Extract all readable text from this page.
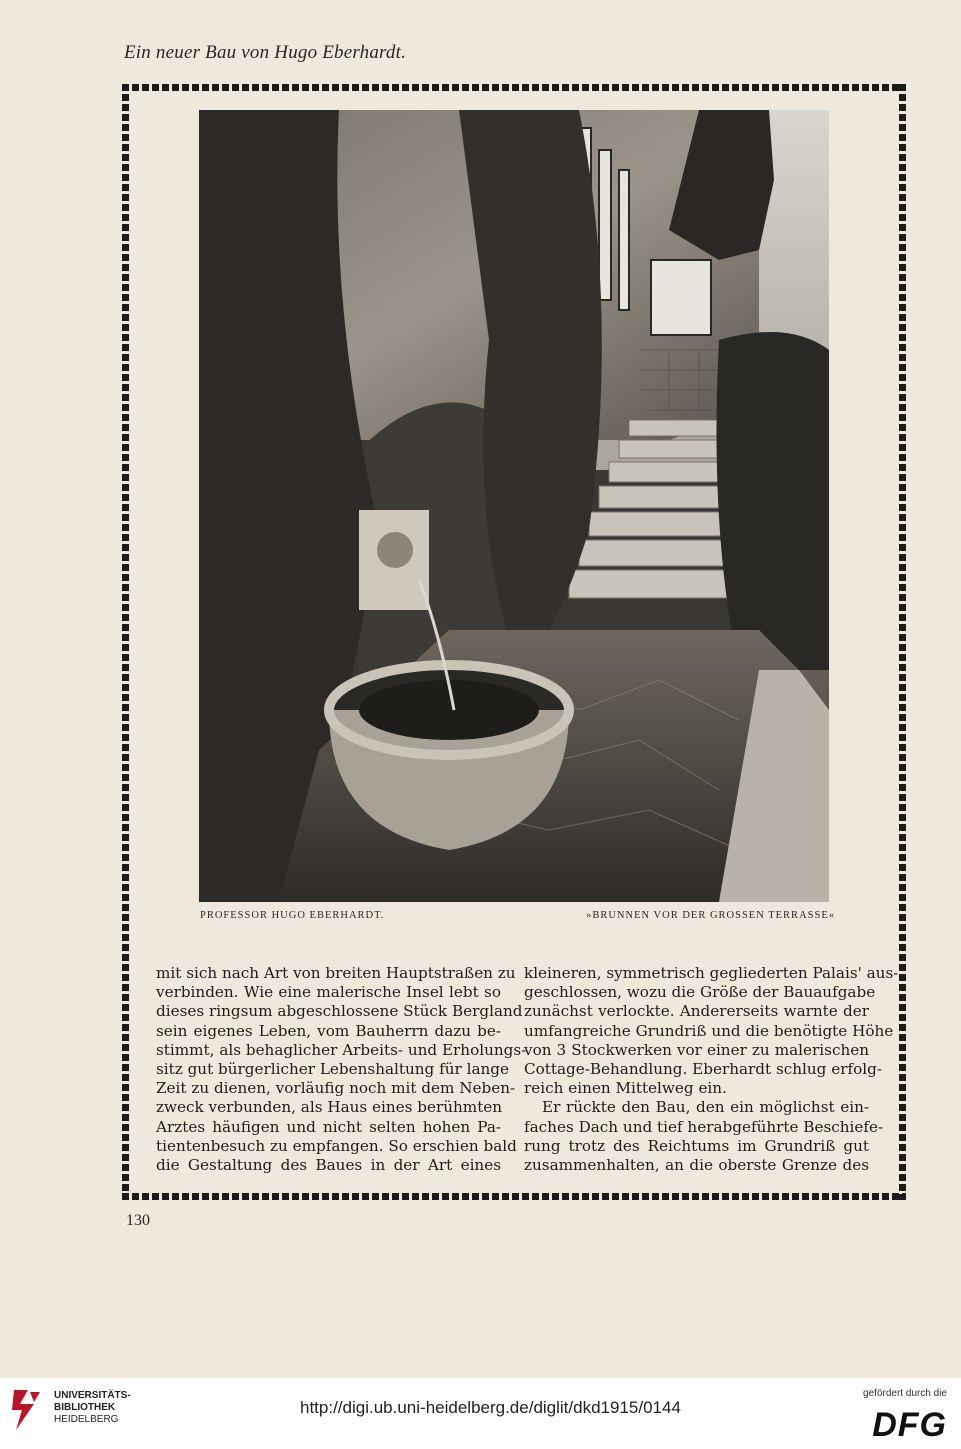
Ein neuer Bau von Hugo Eberhardt.
PROFESSOR HUGO EBERHARDT.	»BRUNNEN VOR DER GROSSEN TERRASSE«
mit sich nach Art von breiten Hauptstraßen zu
verbinden. Wie eine malerische Insel lebt so
dieses ringsum abgeschlossene Stück Bergland
sein eigenes Leben, vom Bauherrn dazu be-
stimmt, als behaglicher Arbeits- und Erholungs-
sitz gut bürgerlicher Lebenshaltung für lange
Zeit zu dienen, vorläufig noch mit dem Neben-
zweck verbunden, als Haus eines berühmten
Arztes häufigen und nicht selten hohen Pa-
tientenbesuch zu empfangen. So erschien bald
die Gestaltung des Baues in der Art eines
kleineren, symmetrisch gegliederten Palais' aus-
geschlossen, wozu die Größe der Bauaufgabe
zunächst verlockte. Andererseits warnte der
umfangreiche Grundriß und die benötigte Höhe
von 3 Stockwerken vor einer zu malerischen
Cottage-Behandlung. Eberhardt schlug erfolg-
reich einen Mittelweg ein.
Er rückte den Bau, den ein möglichst ein-
faches Dach und tief herabgeführte Beschiefe-
rung trotz des Reichtums im Grundriß gut
zusammenhalten, an die oberste Grenze des
130
UNIVERSITÄTS-
BIBLIOTHEK
HEIDELBERG
http://digi.ub.uni-heidelberg.de/diglit/dkd1915/0144
gefördert durch die
DFG
